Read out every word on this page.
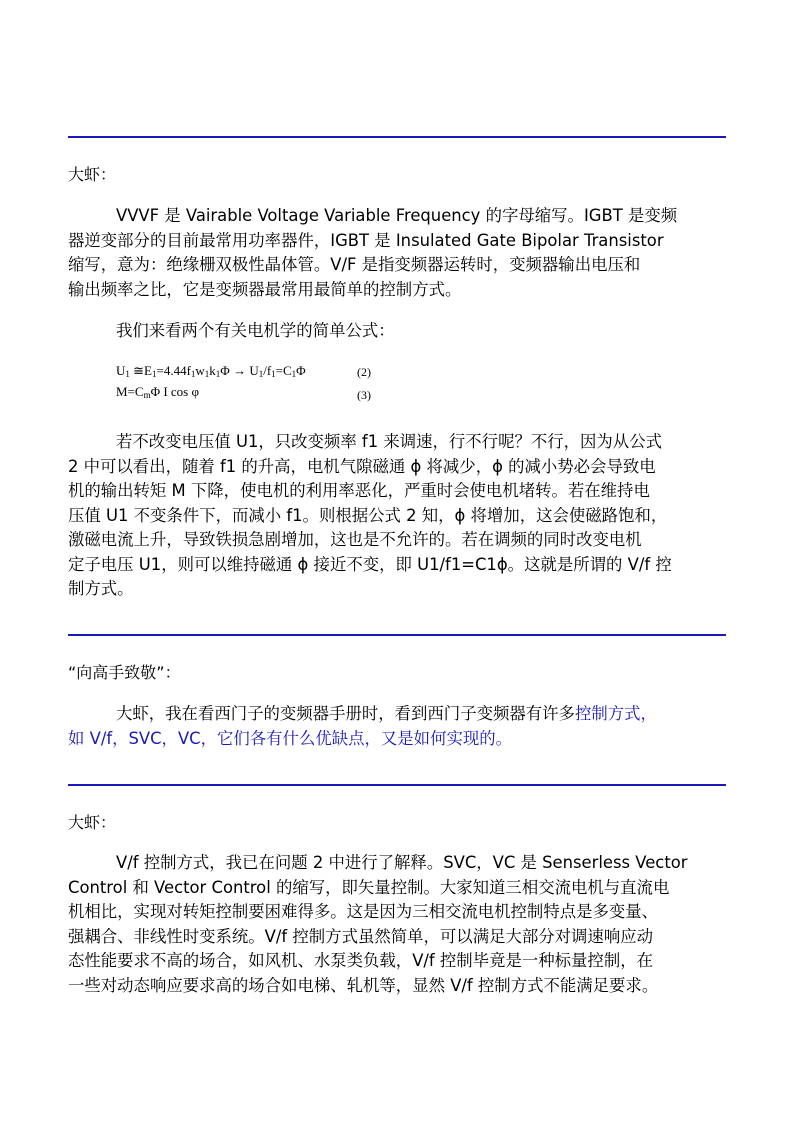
大虾：

VVVF 是 Vairable Voltage Variable Frequency 的字母缩写。IGBT 是变频
器逆变部分的目前最常用功率器件，IGBT 是 Insulated Gate Bipolar Transistor
缩写，意为：绝缘栅双极性晶体管。V/F 是指变频器运转时，变频器输出电压和
输出频率之比，它是变频器最常用最简单的控制方式。
我们来看两个有关电机学的简单公式：
$U_1$ $≅E_1=4.44f_1w_1k_1\Phi \to U_1/f_1=C_1\Phi$	(2)
$M=C_m\Phi$ I cos φ	(3)
若不改变电压值 U1，只改变频率 f1 来调速，行不行呢？不行，因为从公式
2 中可以看出，随着 f1 的升高，电机气隙磁通 ϕ 将减少，ϕ 的减小势必会导致电
机的输出转矩 M 下降，使电机的利用率恶化，严重时会使电机堵转。若在维持电
压值 U1 不变条件下，而减小 f1。则根据公式 2 知，ϕ 将增加，这会使磁路饱和，
激磁电流上升，导致铁损急剧增加，这也是不允许的。若在调频的同时改变电机
定子电压 U1，则可以维持磁通 ϕ 接近不变，即 U1/f1=C1ϕ。这就是所谓的 V/f 控
制方式。

“向高手致敬”：

大虾，我在看西门子的变频器手册时，看到西门子变频器有许多控制方式，
如 V/f，SVC，VC，它们各有什么优缺点，又是如何实现的。

大虾：

V/f 控制方式，我已在问题 2 中进行了解释。SVC，VC 是 Senserless Vector
Control 和 Vector Control 的缩写，即矢量控制。大家知道三相交流电机与直流电
机相比，实现对转矩控制要困难得多。这是因为三相交流电机控制特点是多变量、
强耦合、非线性时变系统。V/f 控制方式虽然简单，可以满足大部分对调速响应动
态性能要求不高的场合，如风机、水泵类负载，V/f 控制毕竟是一种标量控制，在
一些对动态响应要求高的场合如电梯、轧机等，显然 V/f 控制方式不能满足要求。
